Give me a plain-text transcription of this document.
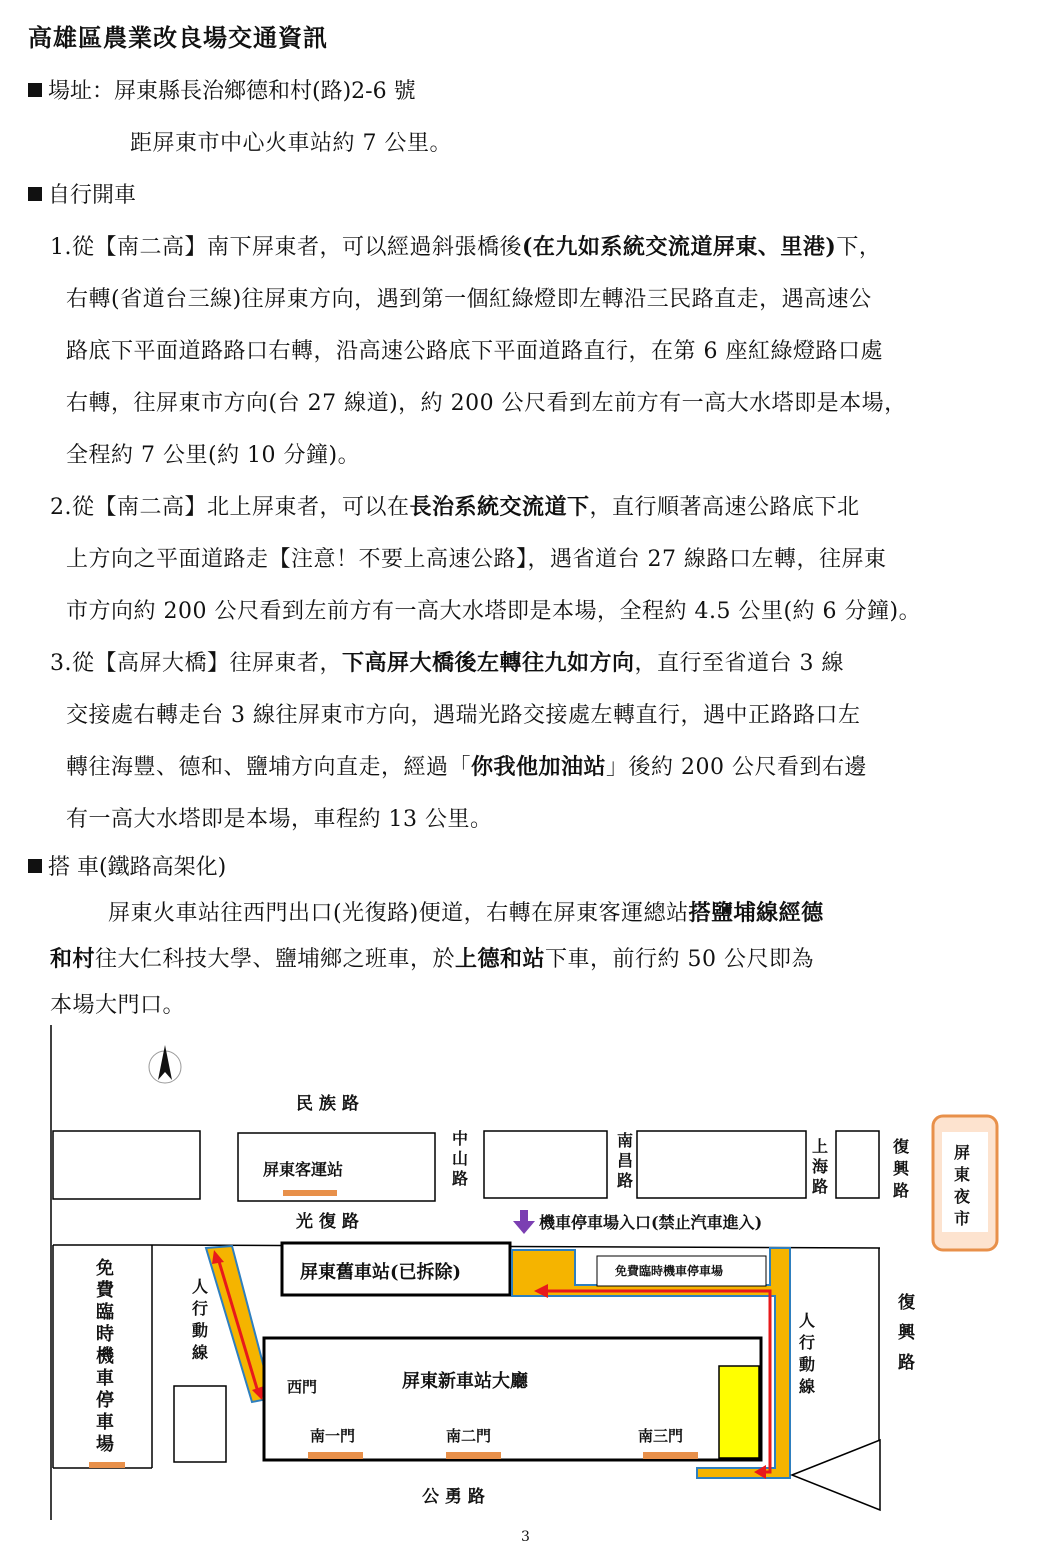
高雄區農業改良場交通資訊
場址：屏東縣長治鄉德和村(路)2-6 號
距屏東市中心火車站約 7 公里。
自行開車
1.從【南二高】南下屏東者，可以經過斜張橋後(在九如系統交流道屏東、里港)下，
右轉(省道台三線)往屏東方向，遇到第一個紅綠燈即左轉沿三民路直走，遇高速公
路底下平面道路路口右轉，沿高速公路底下平面道路直行，在第 6 座紅綠燈路口處
右轉，往屏東市方向(台 27 線道)，約 200 公尺看到左前方有一高大水塔即是本場，
全程約 7 公里(約 10 分鐘)。
2.從【南二高】北上屏東者，可以在長治系統交流道下，直行順著高速公路底下北
上方向之平面道路走【注意！不要上高速公路】，遇省道台 27 線路口左轉，往屏東
市方向約 200 公尺看到左前方有一高大水塔即是本場，全程約 4.5 公里(約 6 分鐘)。
3.從【高屏大橋】往屏東者，下高屏大橋後左轉往九如方向，直行至省道台 3 線
交接處右轉走台 3 線往屏東市方向，遇瑞光路交接處左轉直行，遇中正路路口左
轉往海豐、德和、鹽埔方向直走，經過「你我他加油站」後約 200 公尺看到右邊
有一高大水塔即是本場，車程約 13 公里。
搭 車(鐵路高架化)
屏東火車站往西門出口(光復路)便道，右轉在屏東客運總站搭鹽埔線經德
和村往大仁科技大學、鹽埔鄉之班車，於上德和站下車，前行約 50 公尺即為
本場大門口。
民 族 路
光 復 路
公 勇 路
屏東客運站
中山路
南昌路
上海路
復興路
屏東夜市
免費臨時機車停車場
人行動線
人行動線
復興路
機車停車場入口(禁止汽車進入)
屏東舊車站(已拆除)	免費臨時機車停車場
屏東新車站大廳
西門
南一門	南二門	南三門
3
